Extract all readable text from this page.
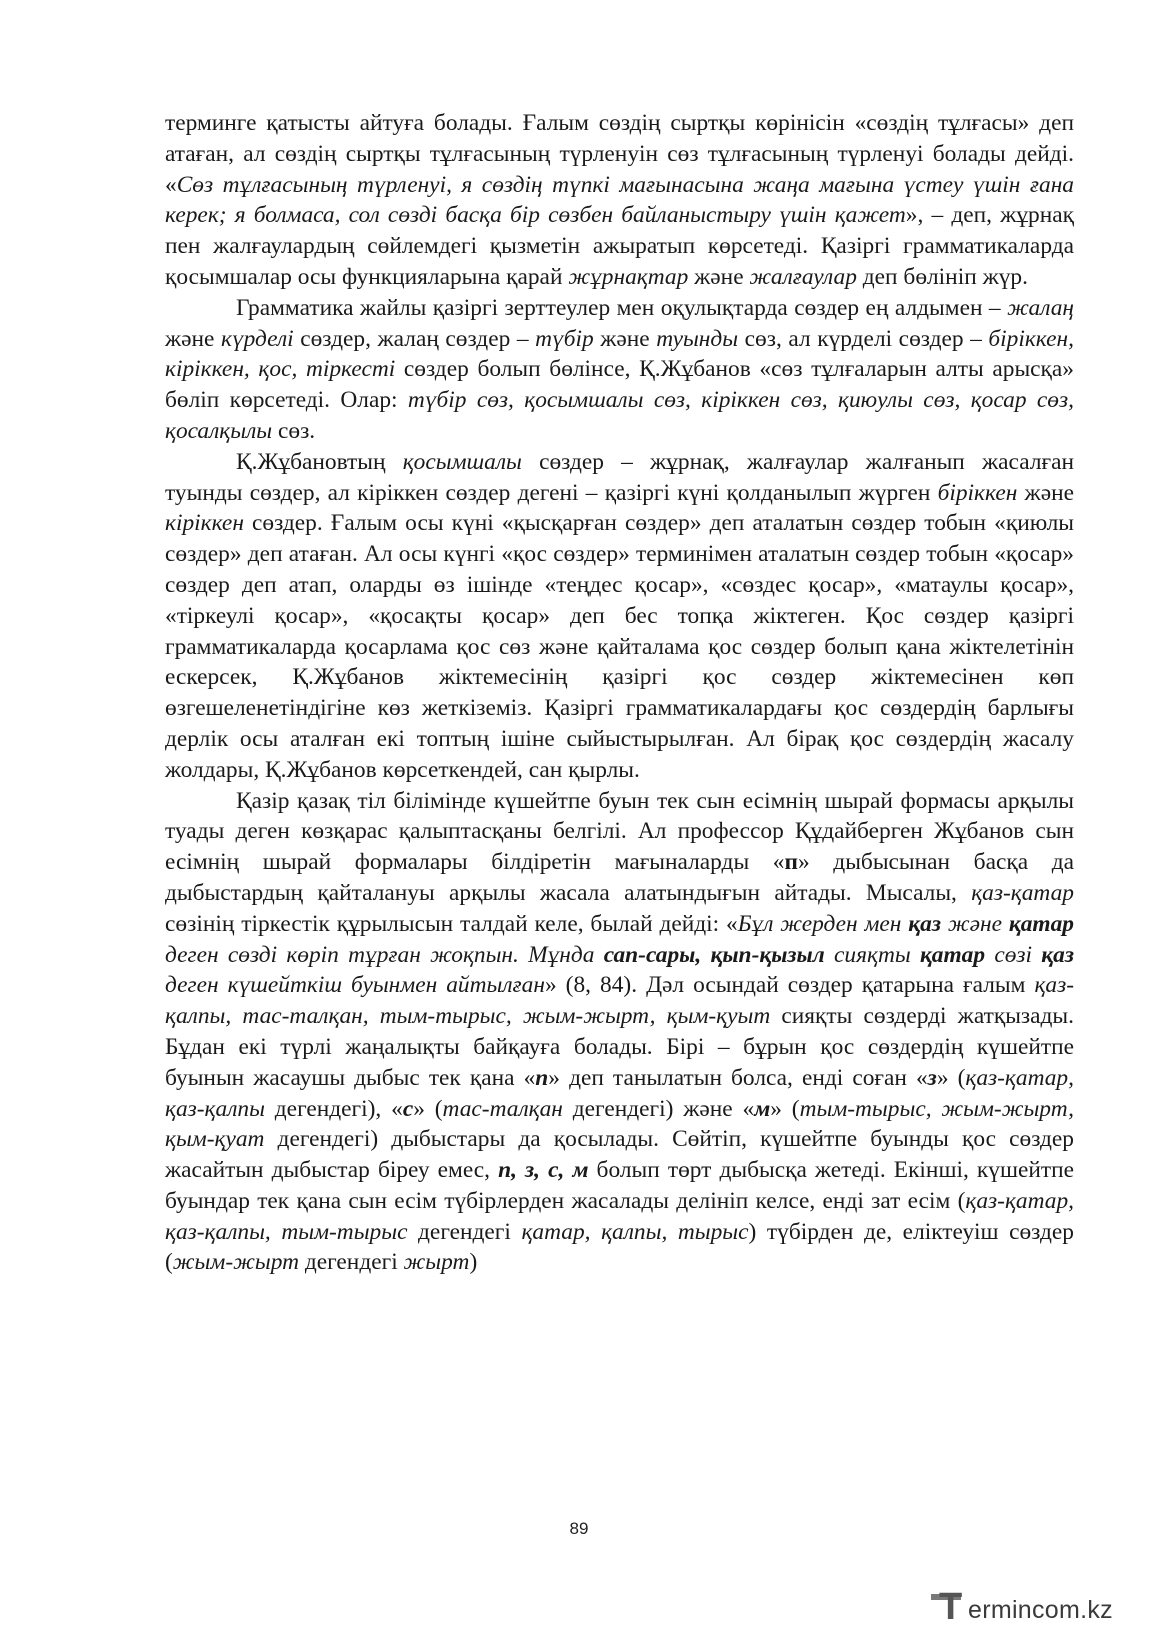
терминге қатысты айтуға болады. Ғалым сөздің сыртқы көрінісін «сөздің тұлғасы» деп атаған, ал сөздің сыртқы тұлғасының түрленуін сөз тұлғасының түрленуі болады дейді. «Сөз тұлғасының түрленуі, я сөздің түпкі мағынасына жаңа мағына үстеу үшін ғана керек; я болмаса, сол сөзді басқа бір сөзбен байланыстыру үшін қажет», – деп, жұрнақ пен жалғаулардың сөйлемдегі қызметін ажыратып көрсетеді. Қазіргі грамматикаларда қосымшалар осы функцияларына қарай жұрнақтар және жалғаулар деп бөлініп жүр.

Грамматика жайлы қазіргі зерттеулер мен оқулықтарда сөздер ең алдымен – жалаң және күрделі сөздер, жалаң сөздер – түбір және туынды сөз, ал күрделі сөздер – біріккен, кіріккен, қос, тіркесті сөздер болып бөлінсе, Қ.Жұбанов «сөз тұлғаларын алты арысқа» бөліп көрсетеді. Олар: түбір сөз, қосымшалы сөз, кіріккен сөз, қиюулы сөз, қосар сөз, қосалқылы сөз.

Қ.Жұбановтың қосымшалы сөздер – жұрнақ, жалғаулар жалғанып жасалған туынды сөздер, ал кіріккен сөздер дегені – қазіргі күні қолданылып жүрген біріккен және кіріккен сөздер. Ғалым осы күні «қысқарған сөздер» деп аталатын сөздер тобын «қиюлы сөздер» деп атаған. Ал осы күнгі «қос сөздер» терминімен аталатын сөздер тобын «қосар» сөздер деп атап, оларды өз ішінде «теңдес қосар», «сөздес қосар», «матаулы қосар», «тіркеулі қосар», «қосақты қосар» деп бес топқа жіктеген. Қос сөздер қазіргі грамматикаларда қосарлама қос сөз және қайталама қос сөздер болып қана жіктелетінін ескерсек, Қ.Жұбанов жіктемесінің қазіргі қос сөздер жіктемесінен көп өзгешеленетіндігіне көз жеткіземіз. Қазіргі грамматикалардағы қос сөздердің барлығы дерлік осы аталған екі топтың ішіне сыйыстырылған. Ал бірақ қос сөздердің жасалу жолдары, Қ.Жұбанов көрсеткендей, сан қырлы.

Қазір қазақ тіл білімінде күшейтпе буын тек сын есімнің шырай формасы арқылы туады деген көзқарас қалыптасқаны белгілі. Ал профессор Құдайберген Жұбанов сын есімнің шырай формалары білдіретін мағыналарды «п» дыбысынан басқа да дыбыстардың қайталануы арқылы жасала алатындығын айтады. Мысалы, қаз-қатар сөзінің тіркестік құрылысын талдай келе, былай дейді: «Бұл жерден мен қаз және қатар деген сөзді көріп тұрған жоқпын. Мұнда сап-сары, қып-қызыл сияқты қатар сөзі қаз деген күшейткіш буынмен айтылған» (8, 84). Дәл осындай сөздер қатарына ғалым қаз-қалпы, тас-талқан, тым-тырыс, жым-жырт, қым-қуыт сияқты сөздерді жатқызады. Бұдан екі түрлі жаңалықты байқауға болады. Бірі – бұрын қос сөздердің күшейтпе буынын жасаушы дыбыс тек қана «п» деп танылатын болса, енді соған «з» (қаз-қатар, қаз-қалпы дегендегі), «с» (тас-талқан дегендегі) және «м» (тым-тырыс, жым-жырт, қым-қуат дегендегі) дыбыстары да қосылады. Сөйтіп, күшейтпе буынды қос сөздер жасайтын дыбыстар біреу емес, п, з, с, м болып төрт дыбысқа жетеді. Екінші, күшейтпе буындар тек қана сын есім түбірлерден жасалады делініп келсе, енді зат есім (қаз-қатар, қаз-қалпы, тым-тырыс дегендегі қатар, қалпы, тырыс) түбірден де, еліктеуіш сөздер (жым-жырт дегендегі жырт)

89
T ermincom.kz
